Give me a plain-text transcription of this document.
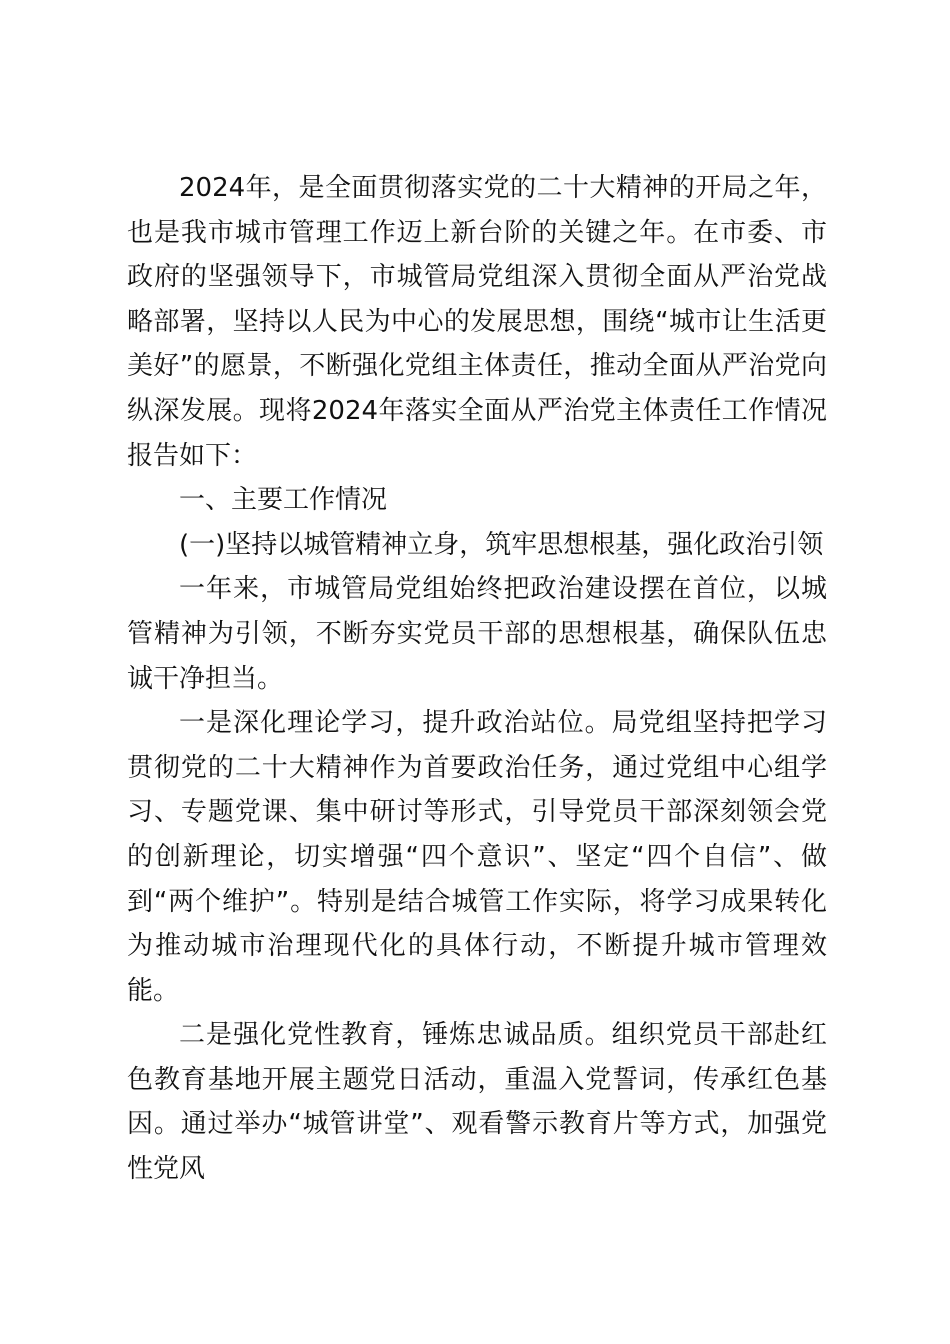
2024年，是全面贯彻落实党的二十大精神的开局之年，也是我市城市管理工作迈上新台阶的关键之年。在市委、市政府的坚强领导下，市城管局党组深入贯彻全面从严治党战略部署，坚持以人民为中心的发展思想，围绕“城市让生活更美好”的愿景，不断强化党组主体责任，推动全面从严治党向纵深发展。现将2024年落实全面从严治党主体责任工作情况报告如下：

一、主要工作情况

(一)坚持以城管精神立身，筑牢思想根基，强化政治引领

一年来，市城管局党组始终把政治建设摆在首位，以城管精神为引领，不断夯实党员干部的思想根基，确保队伍忠诚干净担当。

一是深化理论学习，提升政治站位。局党组坚持把学习贯彻党的二十大精神作为首要政治任务，通过党组中心组学习、专题党课、集中研讨等形式，引导党员干部深刻领会党的创新理论，切实增强“四个意识”、坚定“四个自信”、做到“两个维护”。特别是结合城管工作实际，将学习成果转化为推动城市治理现代化的具体行动，不断提升城市管理效能。

二是强化党性教育，锤炼忠诚品质。组织党员干部赴红色教育基地开展主题党日活动，重温入党誓词，传承红色基因。通过举办“城管讲堂”、观看警示教育片等方式，加强党性党风
